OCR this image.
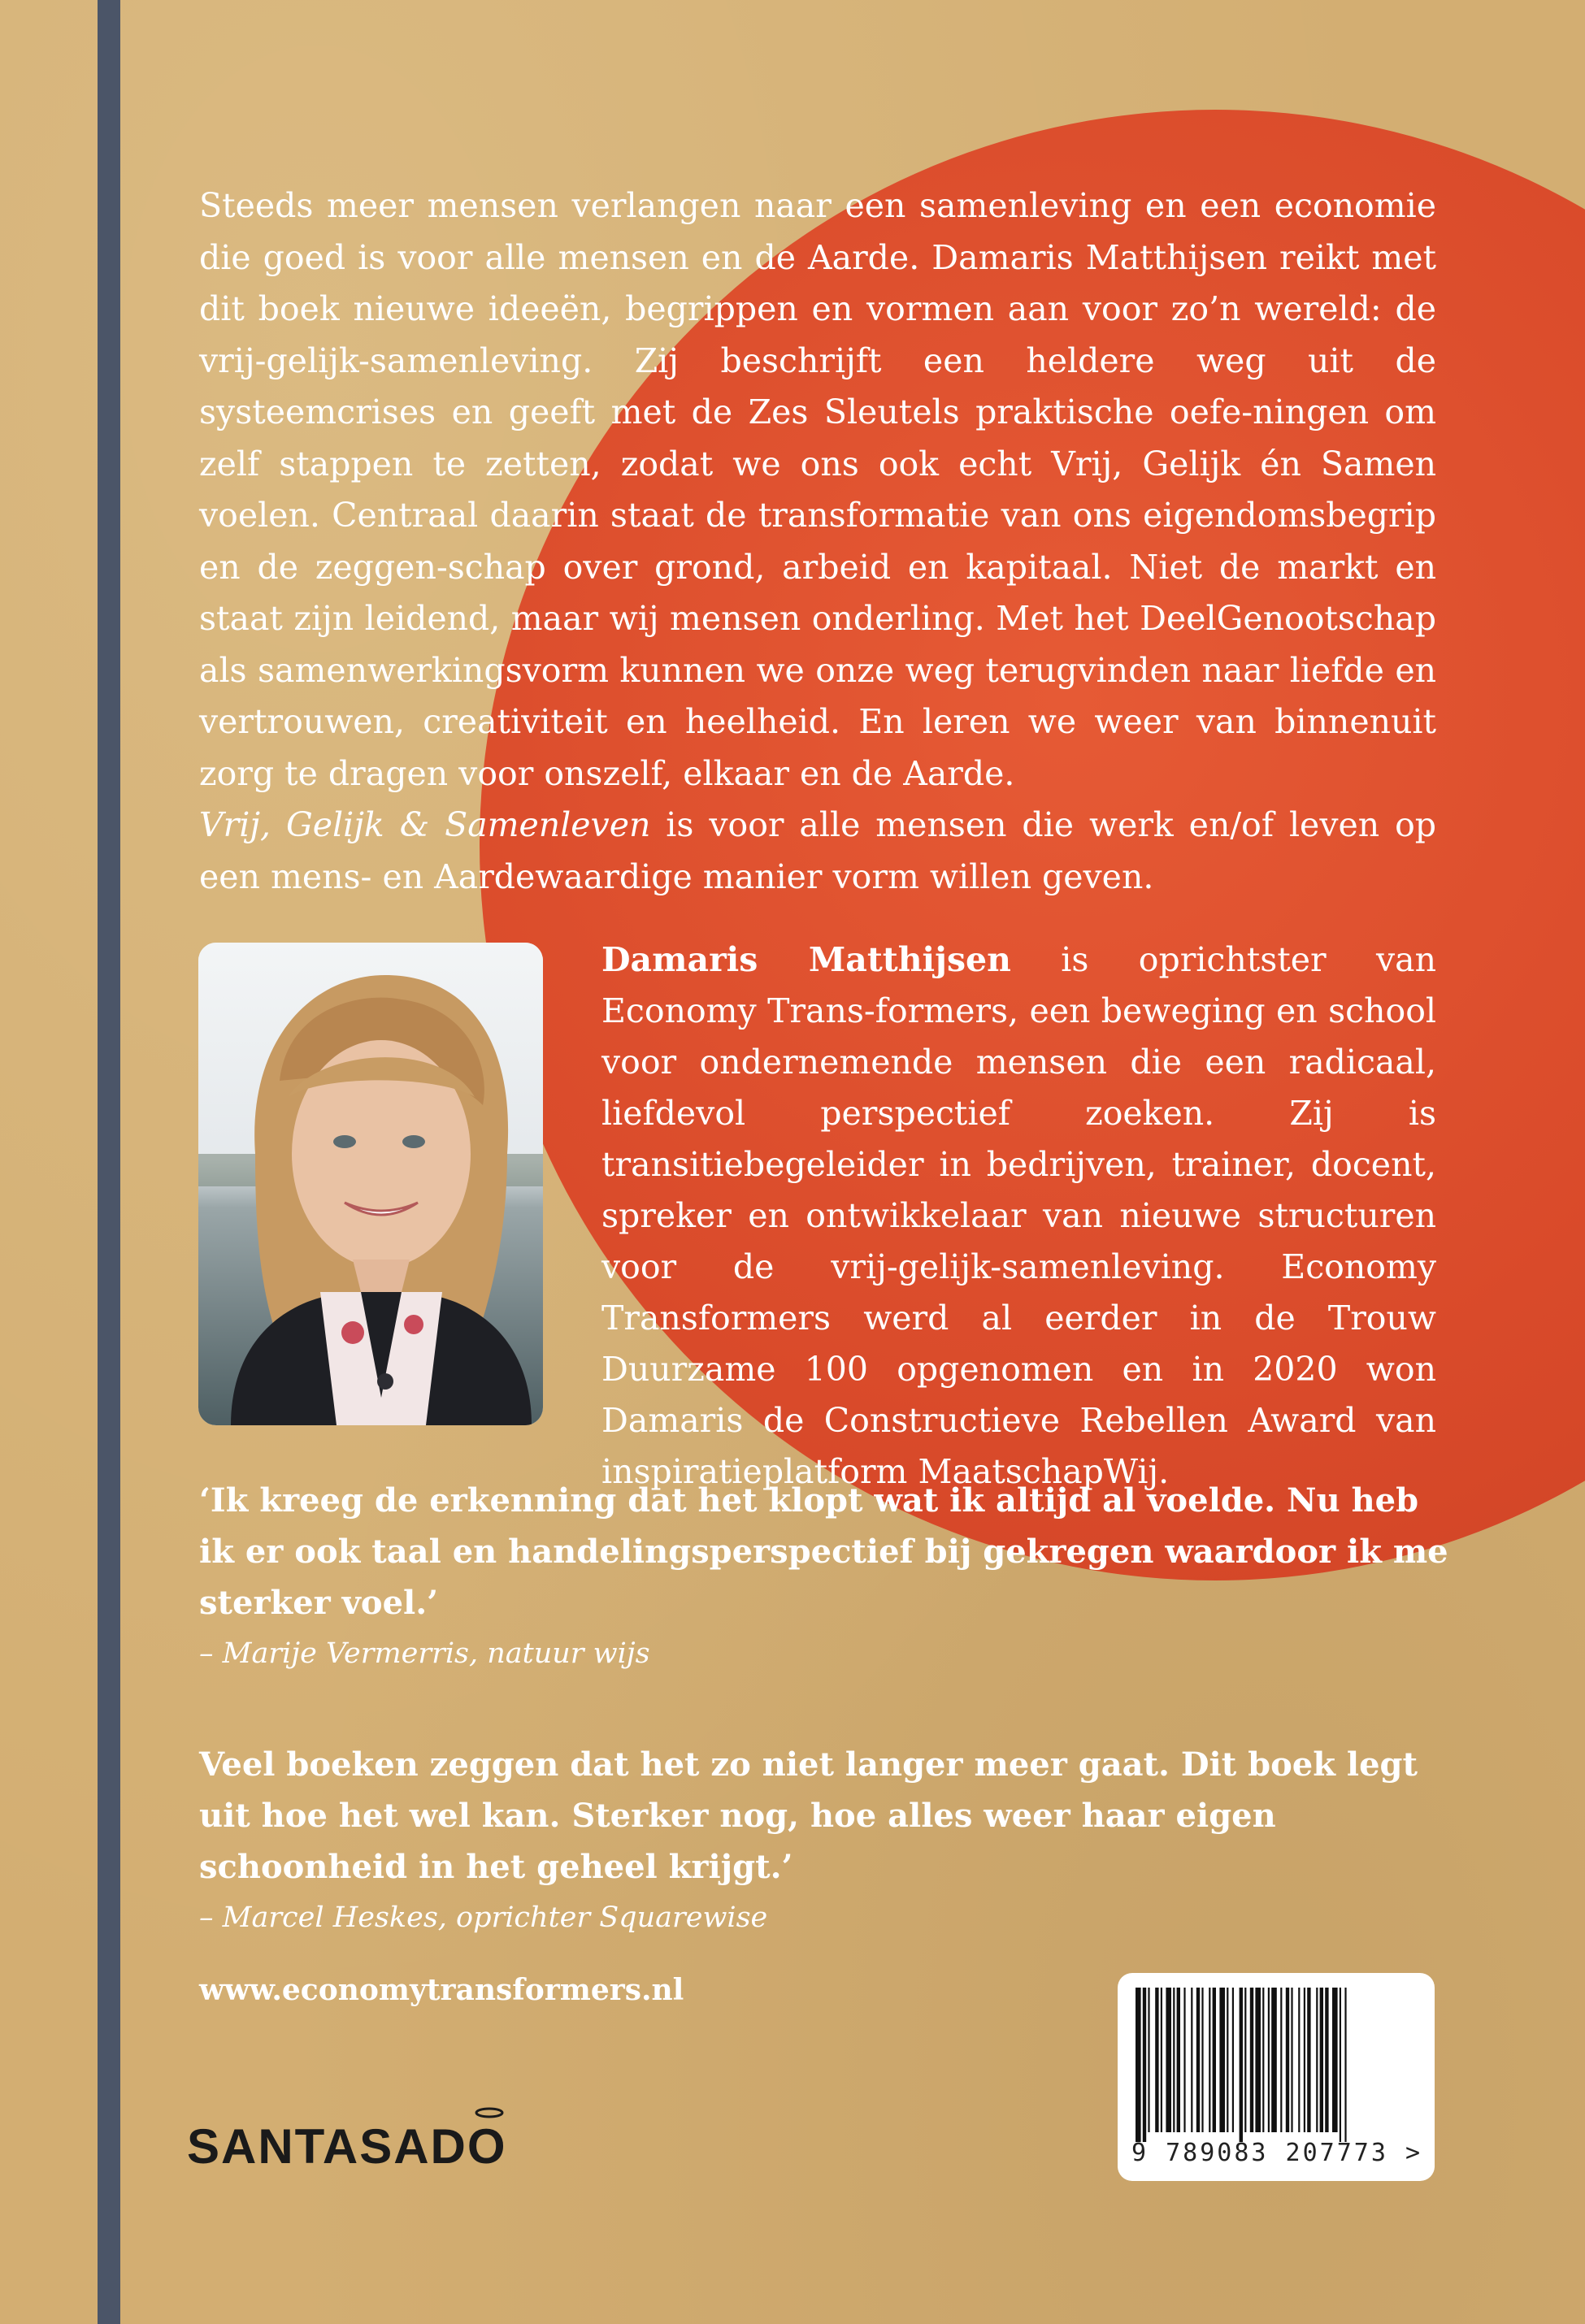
Steeds meer mensen verlangen naar een samenleving en een economie die goed is voor alle mensen en de Aarde. Damaris Matthijsen reikt met dit boek nieuwe ideeën, begrippen en vormen aan voor zo’n wereld: de vrij-gelijk-samenleving. Zij beschrijft een heldere weg uit de systeemcrises en geeft met de Zes Sleutels praktische oefe-ningen om zelf stappen te zetten, zodat we ons ook echt Vrij, Gelijk én Samen voelen. Centraal daarin staat de transformatie van ons eigendomsbegrip en de zeggen-schap over grond, arbeid en kapitaal. Niet de markt en staat zijn leidend, maar wij mensen onderling. Met het DeelGenootschap als samenwerkingsvorm kunnen we onze weg terugvinden naar liefde en vertrouwen, creativiteit en heelheid. En leren we weer van binnenuit zorg te dragen voor onszelf, elkaar en de Aarde.
Vrij, Gelijk & Samenleven is voor alle mensen die werk en/of leven op een mens- en Aardewaardige manier vorm willen geven.

Damaris Matthijsen is oprichtster van Economy Trans-formers, een beweging en school voor ondernemende mensen die een radicaal, liefdevol perspectief zoeken. Zij is transitiebegeleider in bedrijven, trainer, docent, spreker en ontwikkelaar van nieuwe structuren voor de vrij-gelijk-samenleving. Economy Transformers werd al eerder in de Trouw Duurzame 100 opgenomen en in 2020 won Damaris de Constructieve Rebellen Award van inspiratieplatform MaatschapWij.
‘Ik kreeg de erkenning dat het klopt wat ik altijd al voelde. Nu heb ik er ook taal en handelingsperspectief bij gekregen waardoor ik me sterker voel.’
– Marije Vermerris, natuur wijs
Veel boeken zeggen dat het zo niet langer meer gaat. Dit boek legt uit hoe het wel kan. Sterker nog, hoe alles weer haar eigen schoonheid in het geheel krijgt.’
– Marcel Heskes, oprichter Squarewise
www.economytransformers.nl
SANTASADO	9 789083 207773 >
